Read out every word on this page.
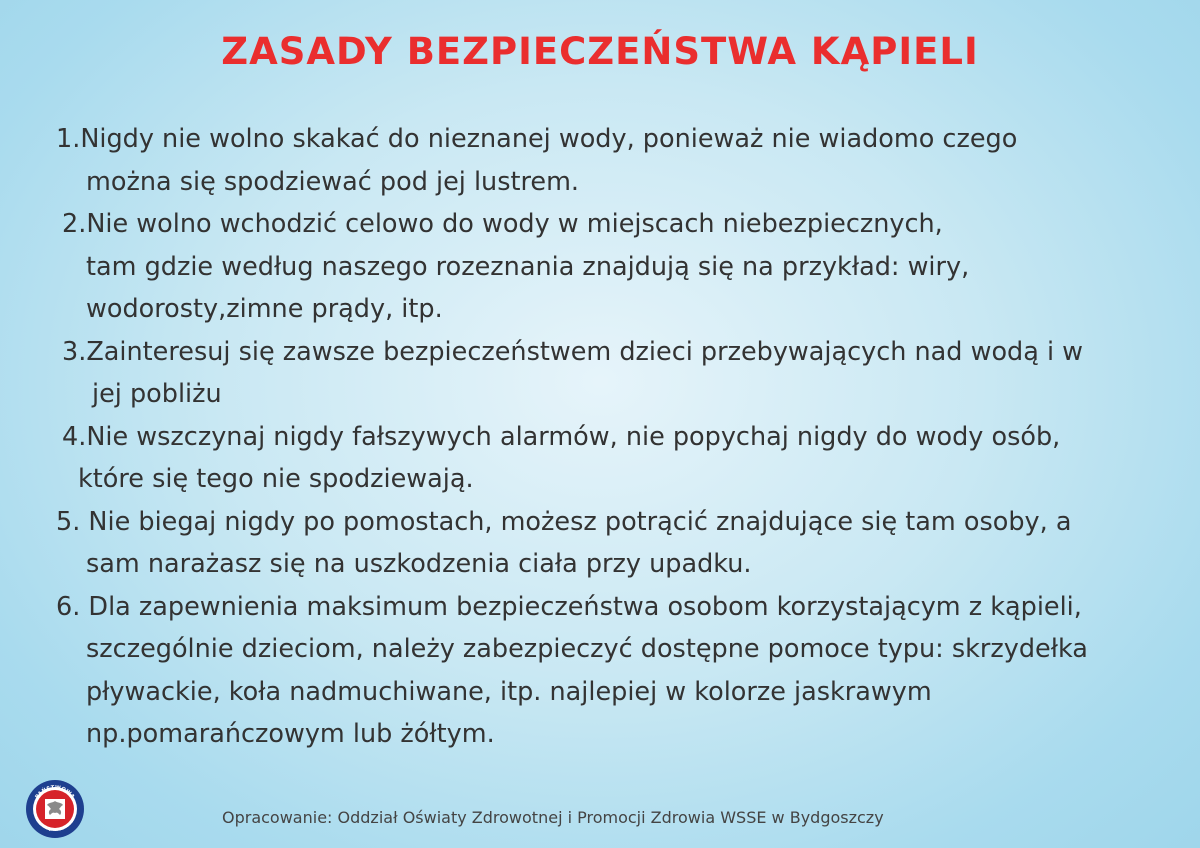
ZASADY BEZPIECZEŃSTWA KĄPIELI
1.Nigdy nie wolno skakać do nieznanej wody, ponieważ nie wiadomo czego
można się spodziewać pod jej lustrem.
2.Nie wolno wchodzić celowo do wody w miejscach niebezpiecznych,
tam gdzie według naszego rozeznania znajdują się na przykład: wiry,
wodorosty,zimne prądy, itp.
3.Zainteresuj się zawsze bezpieczeństwem dzieci przebywających nad wodą i w
jej pobliżu
4.Nie wszczynaj nigdy fałszywych alarmów, nie popychaj nigdy do wody osób,
które się tego nie spodziewają.
5. Nie biegaj nigdy po pomostach, możesz potrącić znajdujące się tam osoby, a
sam narażasz się na uszkodzenia ciała przy upadku.
6. Dla zapewnienia maksimum bezpieczeństwa osobom korzystającym z kąpieli,
szczególnie dzieciom, należy zabezpieczyć dostępne pomoce typu: skrzydełka
pływackie, koła nadmuchiwane, itp. najlepiej w kolorze jaskrawym
np.pomarańczowym lub żółtym.
PAŃSTWOWA
INSPEKCJA SANITARNA	Opracowanie: Oddział Oświaty Zdrowotnej i Promocji Zdrowia WSSE w Bydgoszczy
